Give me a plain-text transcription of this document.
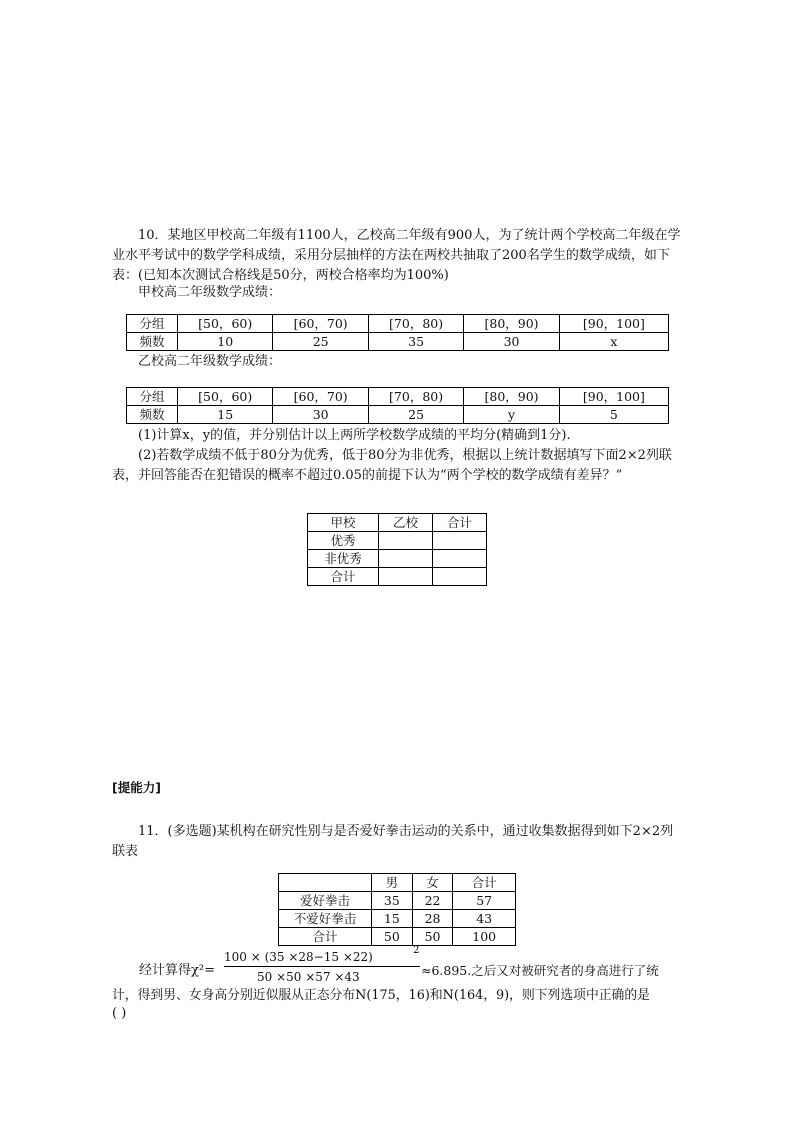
10．某地区甲校高二年级有1100人，乙校高二年级有900人，为了统计两个学校高二年级在学业水平考试中的数学学科成绩，采用分层抽样的方法在两校共抽取了200名学生的数学成绩，如下表：(已知本次测试合格线是50分，两校合格率均为100%)

甲校高二年级数学成绩：

分组	[50，60)	[60，70)	[70，80)	[80，90)	[90，100]
频数	10	25	35	30	x

乙校高二年级数学成绩：

分组	[50，60)	[60，70)	[70，80)	[80，90)	[90，100]
频数	15	30	25	y	5

(1)计算x，y的值，并分别估计以上两所学校数学成绩的平均分(精确到1分).

(2)若数学成绩不低于80分为优秀，低于80分为非优秀，根据以上统计数据填写下面2×2列联表，并回答能否在犯错误的概率不超过0.05的前提下认为“两个学校的数学成绩有差异？”

甲校	乙校	合计
优秀		
非优秀		
合计		

[提能力]

11．(多选题)某机构在研究性别与是否爱好拳击运动的关系中，通过收集数据得到如下2×2列联表

	男	女	合计
爱好拳击	35	22	57
不爱好拳击	15	28	43
合计	50	50	100
经计算得χ²=
100 × (35 ×28−15 ×22)	2
50 ×50 ×57 ×43	≈6.895.之后又对被研究者的身高进行了统

计，得到男、女身高分别近似服从正态分布N(175，16)和N(164，9)，则下列选项中正确的是

( )
